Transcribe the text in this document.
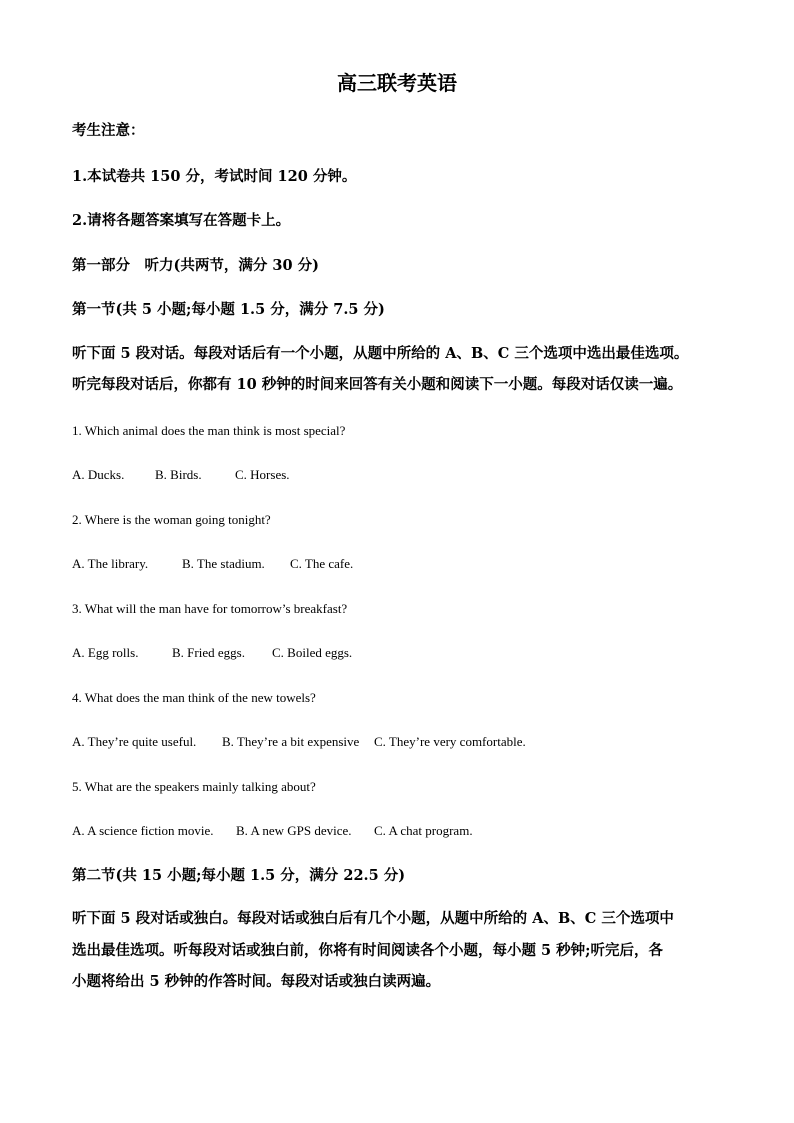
高三联考英语
考生注意：
1.本试卷共 150 分，考试时间 120 分钟。
2.请将各题答案填写在答题卡上。
第一部分　听力(共两节，满分 30 分)
第一节(共 5 小题;每小题 1.5 分，满分 7.5 分)
听下面 5 段对话。每段对话后有一个小题，从题中所给的 A、B、C 三个选项中选出最佳选项。
听完每段对话后，你都有 10 秒钟的时间来回答有关小题和阅读下一小题。每段对话仅读一遍。
1. Which animal does the man think is most special?
A. Ducks. B. Birds.	C. Horses.
2. Where is the woman going tonight?
A. The library.	B. The stadium. C. The cafe.
3. What will the man have for tomorrow’s breakfast?
A. Egg rolls.	B. Fried eggs. C. Boiled eggs.
4. What does the man think of the new towels?
A. They’re quite useful. B. They’re a bit expensive C. They’re very comfortable.
5. What are the speakers mainly talking about?
A. A science fiction movie. B. A new GPS device. C. A chat program.
第二节(共 15 小题;每小题 1.5 分，满分 22.5 分)
听下面 5 段对话或独白。每段对话或独白后有几个小题，从题中所给的 A、B、C 三个选项中
选出最佳选项。听每段对话或独白前，你将有时间阅读各个小题，每小题 5 秒钟;听完后，各
小题将给出 5 秒钟的作答时间。每段对话或独白读两遍。
